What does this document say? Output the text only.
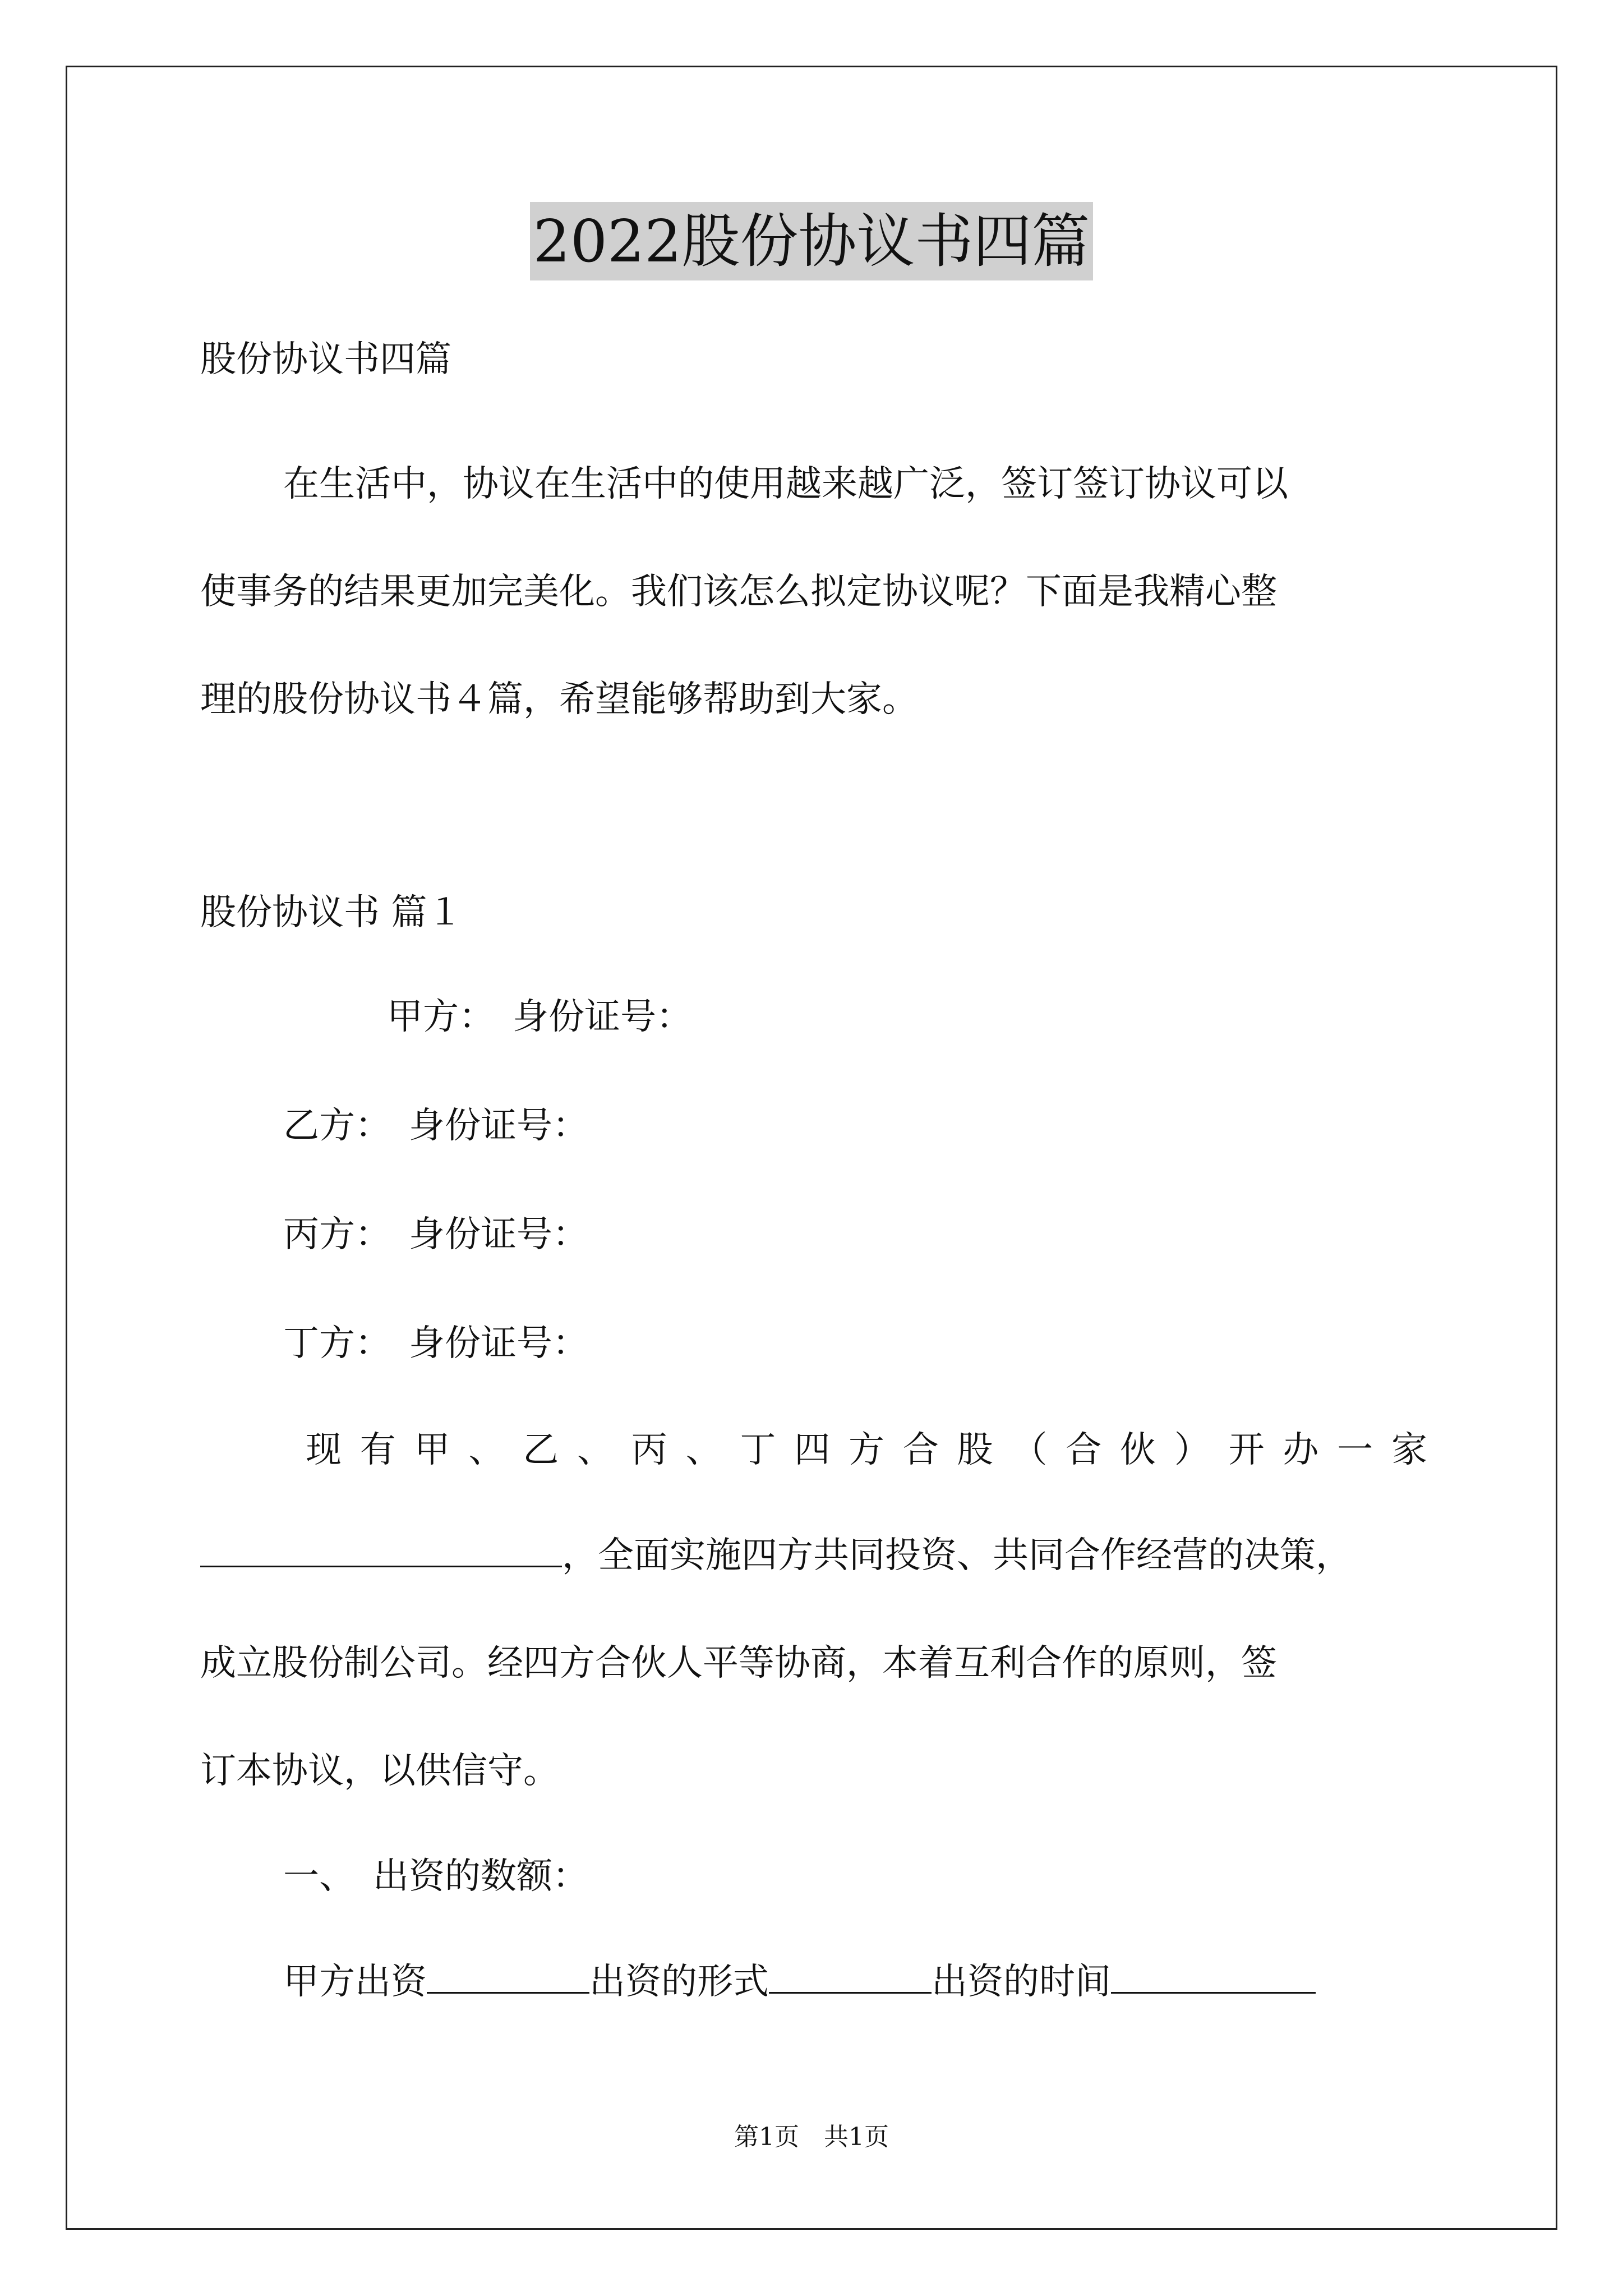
2022股份协议书四篇
股份协议书四篇
在生活中，协议在生活中的使用越来越广泛，签订签订协议可以
使事务的结果更加完美化。我们该怎么拟定协议呢？下面是我精心整
理的股份协议书４篇，希望能够帮助到大家。
股份协议书 篇１
甲方：　身份证号：
乙方：　身份证号：
丙方：　身份证号：
丁方：　身份证号：
现有甲、乙、丙、丁四方合股（合伙）开办一家
，全面实施四方共同投资、共同合作经营的决策，
成立股份制公司。经四方合伙人平等协商，本着互利合作的原则，签
订本协议，以供信守。
一、　出资的数额：
甲方出资	出资的形式	出资的时间
第1页　共1页
